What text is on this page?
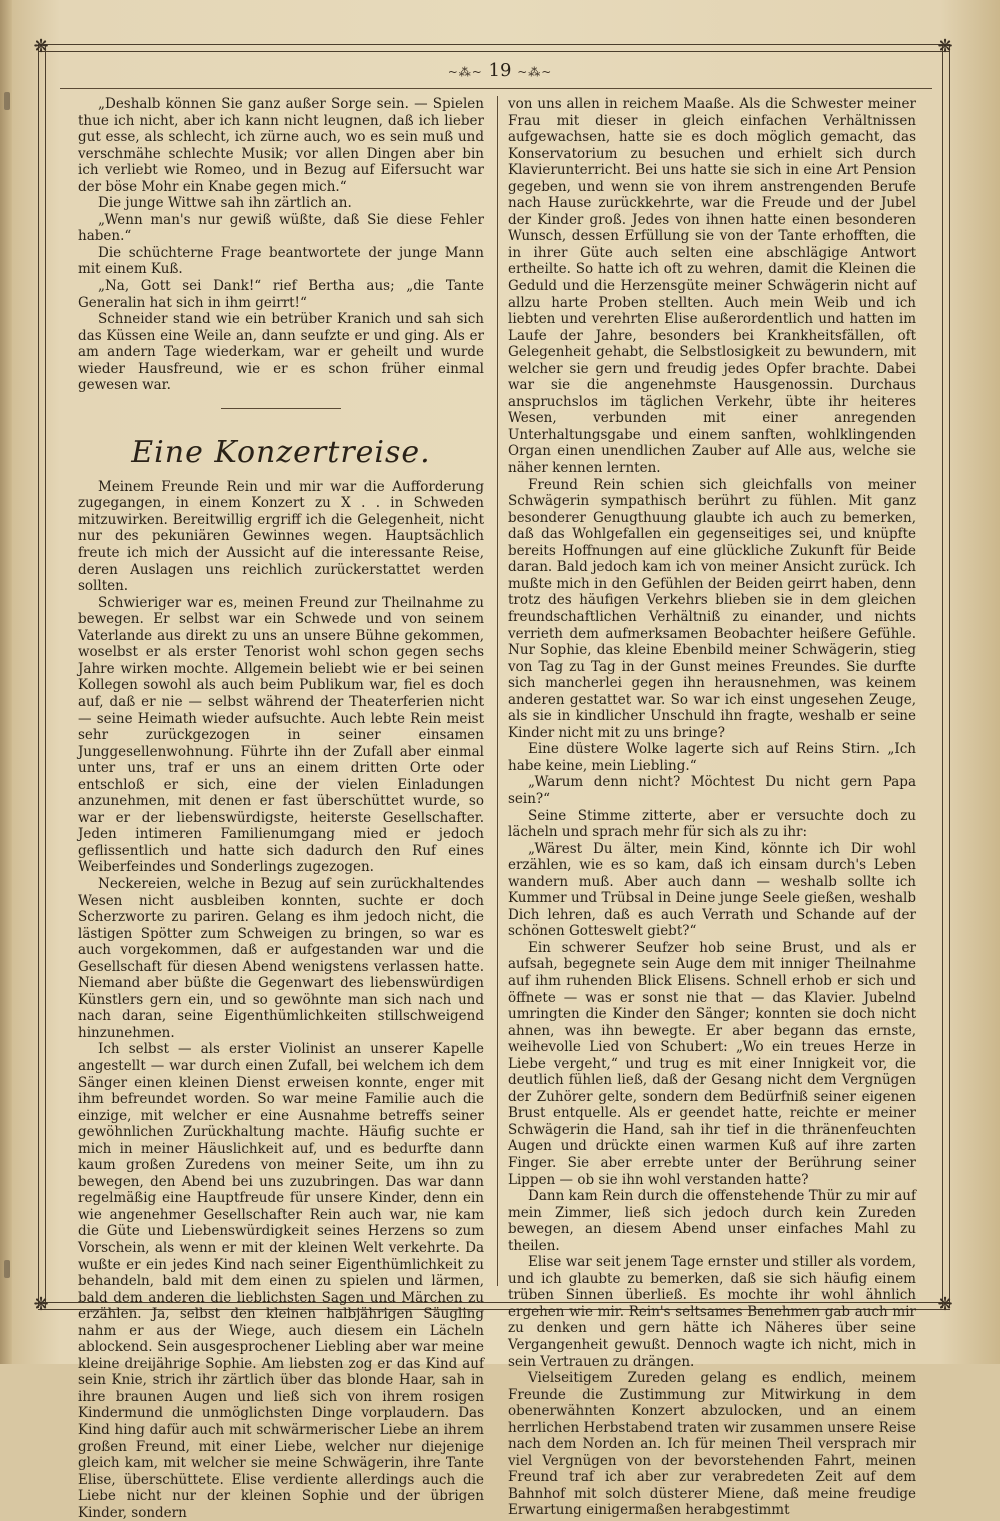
❋	❋
❋	❋
~⁂~ 19 ~⁂~

„Deshalb können Sie ganz außer Sorge sein. — Spielen thue ich nicht, aber ich kann nicht leugnen, daß ich lieber gut esse, als schlecht, ich zürne auch, wo es sein muß und verschmähe schlechte Musik; vor allen Dingen aber bin ich verliebt wie Romeo, und in Bezug auf Eifersucht war der böse Mohr ein Knabe gegen mich.“

Die junge Wittwe sah ihn zärtlich an.

„Wenn man's nur gewiß wüßte, daß Sie diese Fehler haben.“

Die schüchterne Frage beantwortete der junge Mann mit einem Kuß.

„Na, Gott sei Dank!“ rief Bertha aus; „die Tante Generalin hat sich in ihm geirrt!“

Schneider stand wie ein betrüber Kranich und sah sich das Küssen eine Weile an, dann seufzte er und ging. Als er am andern Tage wiederkam, war er geheilt und wurde wieder Hausfreund, wie er es schon früher einmal gewesen war.

Eine Konzertreise.

Meinem Freunde Rein und mir war die Aufforderung zugegangen, in einem Konzert zu X . . in Schweden mitzuwirken. Bereitwillig ergriff ich die Gelegenheit, nicht nur des pekuniären Gewinnes wegen. Hauptsächlich freute ich mich der Aussicht auf die interessante Reise, deren Auslagen uns reichlich zurückerstattet werden sollten.

Schwieriger war es, meinen Freund zur Theilnahme zu bewegen. Er selbst war ein Schwede und von seinem Vaterlande aus direkt zu uns an unsere Bühne gekommen, woselbst er als erster Tenorist wohl schon gegen sechs Jahre wirken mochte. Allgemein beliebt wie er bei seinen Kollegen sowohl als auch beim Publikum war, fiel es doch auf, daß er nie — selbst während der Theaterferien nicht — seine Heimath wieder aufsuchte. Auch lebte Rein meist sehr zurückgezogen in seiner einsamen Junggesellenwohnung. Führte ihn der Zufall aber einmal unter uns, traf er uns an einem dritten Orte oder entschloß er sich, eine der vielen Einladungen anzunehmen, mit denen er fast überschüttet wurde, so war er der liebenswürdigste, heiterste Gesellschafter. Jeden intimeren Familienumgang mied er jedoch geflissentlich und hatte sich dadurch den Ruf eines Weiberfeindes und Sonderlings zugezogen.

Neckereien, welche in Bezug auf sein zurückhaltendes Wesen nicht ausbleiben konnten, suchte er doch Scherzworte zu pariren. Gelang es ihm jedoch nicht, die lästigen Spötter zum Schweigen zu bringen, so war es auch vorgekommen, daß er aufgestanden war und die Gesellschaft für diesen Abend wenigstens verlassen hatte. Niemand aber büßte die Gegenwart des liebenswürdigen Künstlers gern ein, und so gewöhnte man sich nach und nach daran, seine Eigenthümlichkeiten stillschweigend hinzunehmen.

Ich selbst — als erster Violinist an unserer Kapelle angestellt — war durch einen Zufall, bei welchem ich dem Sänger einen kleinen Dienst erweisen konnte, enger mit ihm befreundet worden. So war meine Familie auch die einzige, mit welcher er eine Ausnahme betreffs seiner gewöhnlichen Zurückhaltung machte. Häufig suchte er mich in meiner Häuslichkeit auf, und es bedurfte dann kaum großen Zuredens von meiner Seite, um ihn zu bewegen, den Abend bei uns zuzubringen. Das war dann regelmäßig eine Hauptfreude für unsere Kinder, denn ein wie angenehmer Gesellschafter Rein auch war, nie kam die Güte und Liebenswürdigkeit seines Herzens so zum Vorschein, als wenn er mit der kleinen Welt verkehrte. Da wußte er ein jedes Kind nach seiner Eigenthümlichkeit zu behandeln, bald mit dem einen zu spielen und lärmen, bald dem anderen die lieblichsten Sagen und Märchen zu erzählen. Ja, selbst den kleinen halbjährigen Säugling nahm er aus der Wiege, auch diesem ein Lächeln ablockend. Sein ausgesprochener Liebling aber war meine kleine dreijährige Sophie. Am liebsten zog er das Kind auf sein Knie, strich ihr zärtlich über das blonde Haar, sah in ihre braunen Augen und ließ sich von ihrem rosigen Kindermund die unmöglichsten Dinge vorplaudern. Das Kind hing dafür auch mit schwärmerischer Liebe an ihrem großen Freund, mit einer Liebe, welcher nur diejenige gleich kam, mit welcher sie meine Schwägerin, ihre Tante Elise, überschüttete. Elise verdiente allerdings auch die Liebe nicht nur der kleinen Sophie und der übrigen Kinder, sondern

von uns allen in reichem Maaße. Als die Schwester meiner Frau mit dieser in gleich einfachen Verhältnissen aufgewachsen, hatte sie es doch möglich gemacht, das Konservatorium zu besuchen und erhielt sich durch Klavierunterricht. Bei uns hatte sie sich in eine Art Pension gegeben, und wenn sie von ihrem anstrengenden Berufe nach Hause zurückkehrte, war die Freude und der Jubel der Kinder groß. Jedes von ihnen hatte einen besonderen Wunsch, dessen Erfüllung sie von der Tante erhofften, die in ihrer Güte auch selten eine abschlägige Antwort ertheilte. So hatte ich oft zu wehren, damit die Kleinen die Geduld und die Herzensgüte meiner Schwägerin nicht auf allzu harte Proben stellten. Auch mein Weib und ich liebten und verehrten Elise außerordentlich und hatten im Laufe der Jahre, besonders bei Krankheitsfällen, oft Gelegenheit gehabt, die Selbstlosigkeit zu bewundern, mit welcher sie gern und freudig jedes Opfer brachte. Dabei war sie die angenehmste Hausgenossin. Durchaus anspruchslos im täglichen Verkehr, übte ihr heiteres Wesen, verbunden mit einer anregenden Unterhaltungsgabe und einem sanften, wohlklingenden Organ einen unendlichen Zauber auf Alle aus, welche sie näher kennen lernten.

Freund Rein schien sich gleichfalls von meiner Schwägerin sympathisch berührt zu fühlen. Mit ganz besonderer Genugthuung glaubte ich auch zu bemerken, daß das Wohlgefallen ein gegenseitiges sei, und knüpfte bereits Hoffnungen auf eine glückliche Zukunft für Beide daran. Bald jedoch kam ich von meiner Ansicht zurück. Ich mußte mich in den Gefühlen der Beiden geirrt haben, denn trotz des häufigen Verkehrs blieben sie in dem gleichen freundschaftlichen Verhältniß zu einander, und nichts verrieth dem aufmerksamen Beobachter heißere Gefühle. Nur Sophie, das kleine Ebenbild meiner Schwägerin, stieg von Tag zu Tag in der Gunst meines Freundes. Sie durfte sich mancherlei gegen ihn herausnehmen, was keinem anderen gestattet war. So war ich einst ungesehen Zeuge, als sie in kindlicher Unschuld ihn fragte, weshalb er seine Kinder nicht mit zu uns bringe?

Eine düstere Wolke lagerte sich auf Reins Stirn. „Ich habe keine, mein Liebling.“

„Warum denn nicht? Möchtest Du nicht gern Papa sein?“

Seine Stimme zitterte, aber er versuchte doch zu lächeln und sprach mehr für sich als zu ihr:

„Wärest Du älter, mein Kind, könnte ich Dir wohl erzählen, wie es so kam, daß ich einsam durch's Leben wandern muß. Aber auch dann — weshalb sollte ich Kummer und Trübsal in Deine junge Seele gießen, weshalb Dich lehren, daß es auch Verrath und Schande auf der schönen Gotteswelt giebt?“

Ein schwerer Seufzer hob seine Brust, und als er aufsah, begegnete sein Auge dem mit inniger Theilnahme auf ihm ruhenden Blick Elisens. Schnell erhob er sich und öffnete — was er sonst nie that — das Klavier. Jubelnd umringten die Kinder den Sänger; konnten sie doch nicht ahnen, was ihn bewegte. Er aber begann das ernste, weihevolle Lied von Schubert: „Wo ein treues Herze in Liebe vergeht,“ und trug es mit einer Innigkeit vor, die deutlich fühlen ließ, daß der Gesang nicht dem Vergnügen der Zuhörer gelte, sondern dem Bedürfniß seiner eigenen Brust entquelle. Als er geendet hatte, reichte er meiner Schwägerin die Hand, sah ihr tief in die thränenfeuchten Augen und drückte einen warmen Kuß auf ihre zarten Finger. Sie aber errebte unter der Berührung seiner Lippen — ob sie ihn wohl verstanden hatte?

Dann kam Rein durch die offenstehende Thür zu mir auf mein Zimmer, ließ sich jedoch durch kein Zureden bewegen, an diesem Abend unser einfaches Mahl zu theilen.

Elise war seit jenem Tage ernster und stiller als vordem, und ich glaubte zu bemerken, daß sie sich häufig einem trüben Sinnen überließ. Es mochte ihr wohl ähnlich ergehen wie mir. Rein's seltsames Benehmen gab auch mir zu denken und gern hätte ich Näheres über seine Vergangenheit gewußt. Dennoch wagte ich nicht, mich in sein Vertrauen zu drängen.

Vielseitigem Zureden gelang es endlich, meinem Freunde die Zustimmung zur Mitwirkung in dem obenerwähnten Konzert abzulocken, und an einem herrlichen Herbstabend traten wir zusammen unsere Reise nach dem Norden an. Ich für meinen Theil versprach mir viel Vergnügen von der bevorstehenden Fahrt, meinen Freund traf ich aber zur verabredeten Zeit auf dem Bahnhof mit solch düsterer Miene, daß meine freudige Erwartung einigermaßen herabgestimmt
